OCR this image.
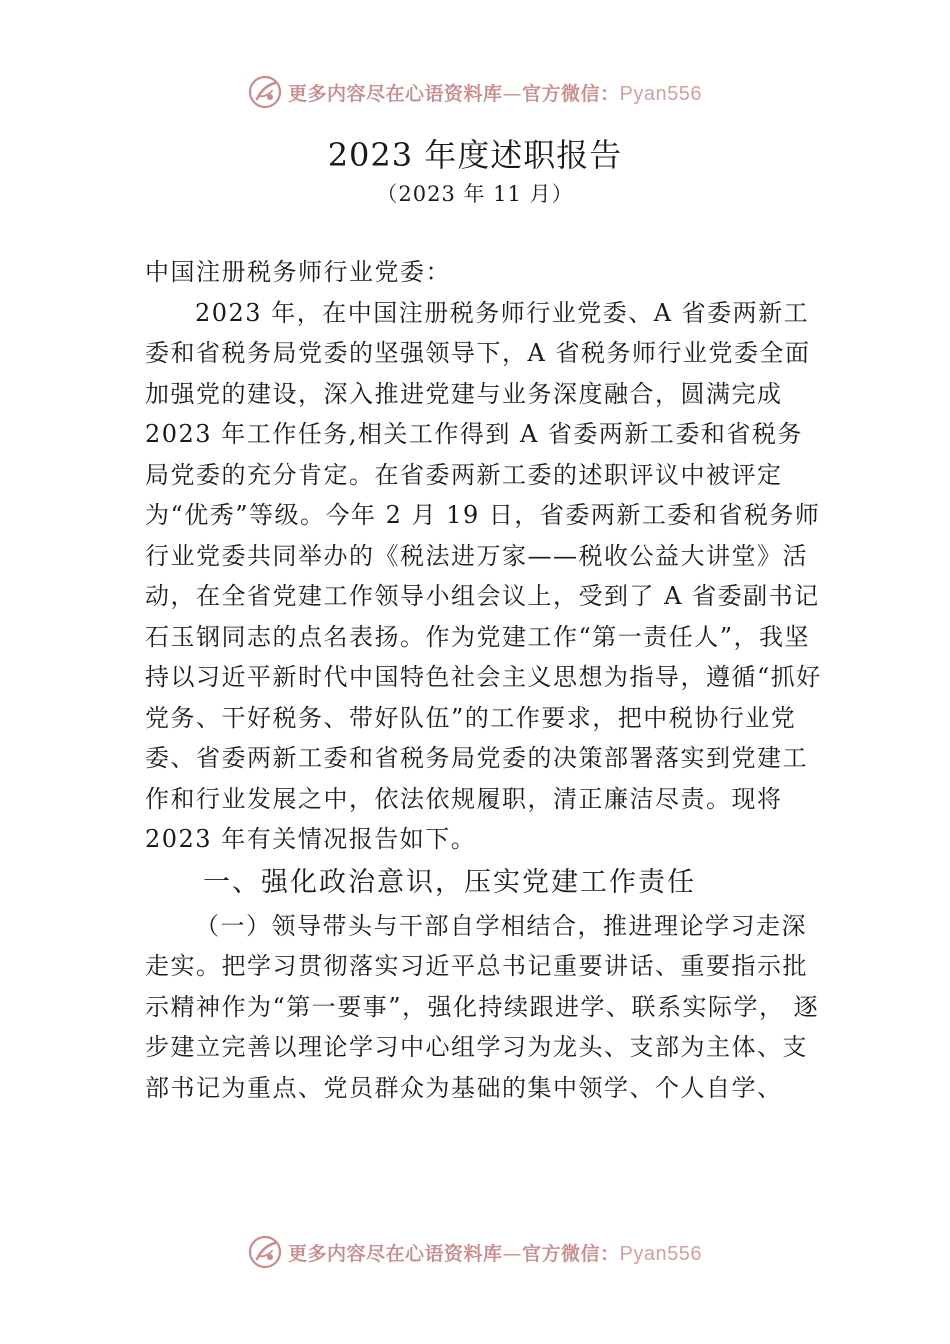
更多内容尽在心语资料库—官方微信：Pyan556
2023 年度述职报告
（2023 年 11 月）

中国注册税务师行业党委：

2023 年，在中国注册税务师行业党委、A 省委两新工委和省税务局党委的坚强领导下，A 省税务师行业党委全面加强党的建设，深入推进党建与业务深度融合，圆满完成 2023 年工作任务,相关工作得到 A 省委两新工委和省税务局党委的充分肯定。在省委两新工委的述职评议中被评定为“优秀”等级。今年 2 月 19 日，省委两新工委和省税务师行业党委共同举办的《税法进万家——税收公益大讲堂》活动，在全省党建工作领导小组会议上，受到了 A 省委副书记石玉钢同志的点名表扬。作为党建工作“第一责任人”，我坚持以习近平新时代中国特色社会主义思想为指导，遵循“抓好党务、干好税务、带好队伍”的工作要求，把中税协行业党委、省委两新工委和省税务局党委的决策部署落实到党建工作和行业发展之中，依法依规履职，清正廉洁尽责。现将 2023 年有关情况报告如下。

一、强化政治意识，压实党建工作责任

（一）领导带头与干部自学相结合，推进理论学习走深走实。把学习贯彻落实习近平总书记重要讲话、重要指示批示精神作为“第一要事”，强化持续跟进学、联系实际学， 逐步建立完善以理论学习中心组学习为龙头、支部为主体、支部书记为重点、党员群众为基础的集中领学、个人自学、

更多内容尽在心语资料库—官方微信：Pyan556
